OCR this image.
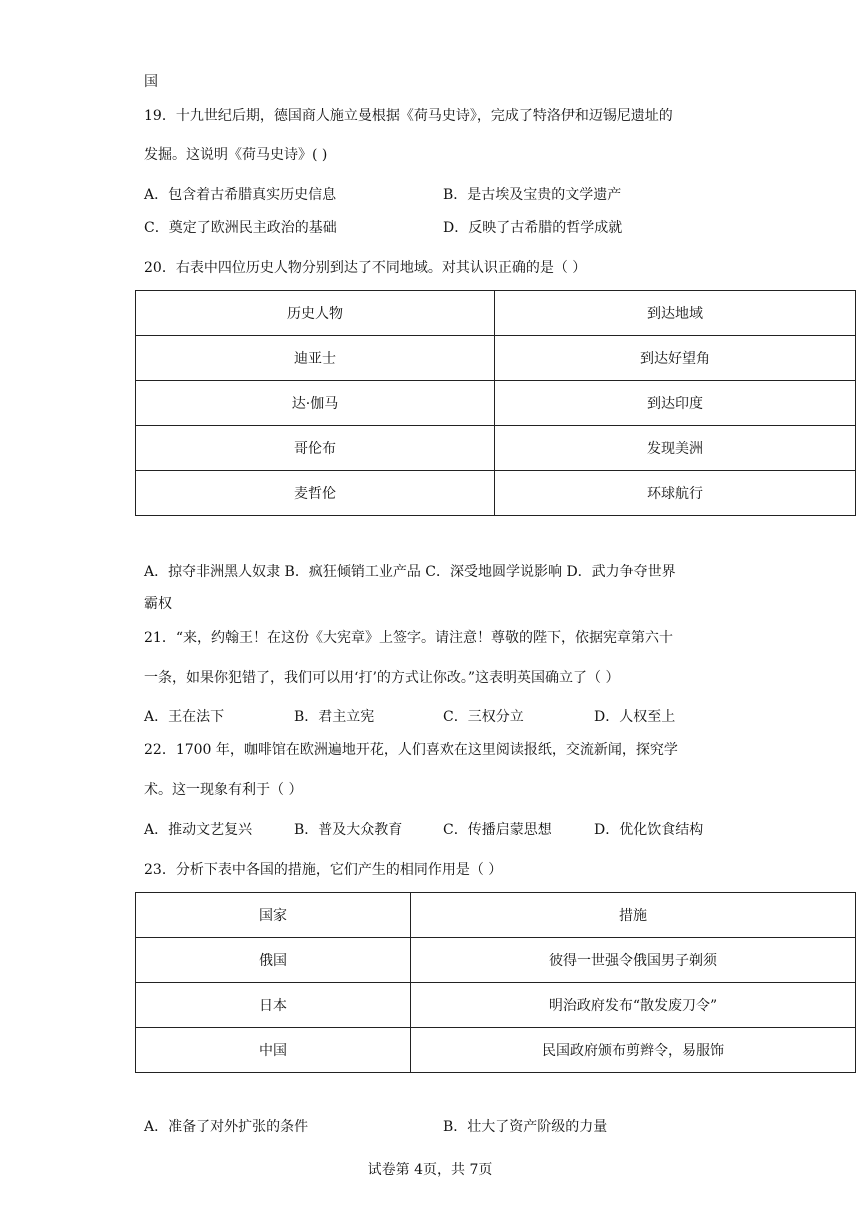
国
19．十九世纪后期，德国商人施立曼根据《荷马史诗》，完成了特洛伊和迈锡尼遗址的
发掘。这说明《荷马史诗》( )
A．包含着古希腊真实历史信息	B．是古埃及宝贵的文学遗产
C．奠定了欧洲民主政治的基础	D．反映了古希腊的哲学成就
20．右表中四位历史人物分别到达了不同地域。对其认识正确的是（ ）
历史人物	到达地域
迪亚士	到达好望角
达·伽马	到达印度
哥伦布	发现美洲
麦哲伦	环球航行
A．掠夺非洲黑人奴隶 B．疯狂倾销工业产品 C．深受地圆学说影响 D．武力争夺世界
霸权
21．“来，约翰王！在这份《大宪章》上签字。请注意！尊敬的陛下，依据宪章第六十
一条，如果你犯错了，我们可以用‘打’的方式让你改。”这表明英国确立了（ ）
A．王在法下	B．君主立宪	C．三权分立	D．人权至上
22．1700 年，咖啡馆在欧洲遍地开花，人们喜欢在这里阅读报纸，交流新闻，探究学
术。这一现象有利于（ ）
A．推动文艺复兴	B．普及大众教育	C．传播启蒙思想	D．优化饮食结构
23．分析下表中各国的措施，它们产生的相同作用是（ ）
国家	措施
俄国	彼得一世强令俄国男子剃须
日本	明治政府发布“散发废刀令”
中国	民国政府颁布剪辫令，易服饰
A．准备了对外扩张的条件	B．壮大了资产阶级的力量
试卷第 4页，共 7页
